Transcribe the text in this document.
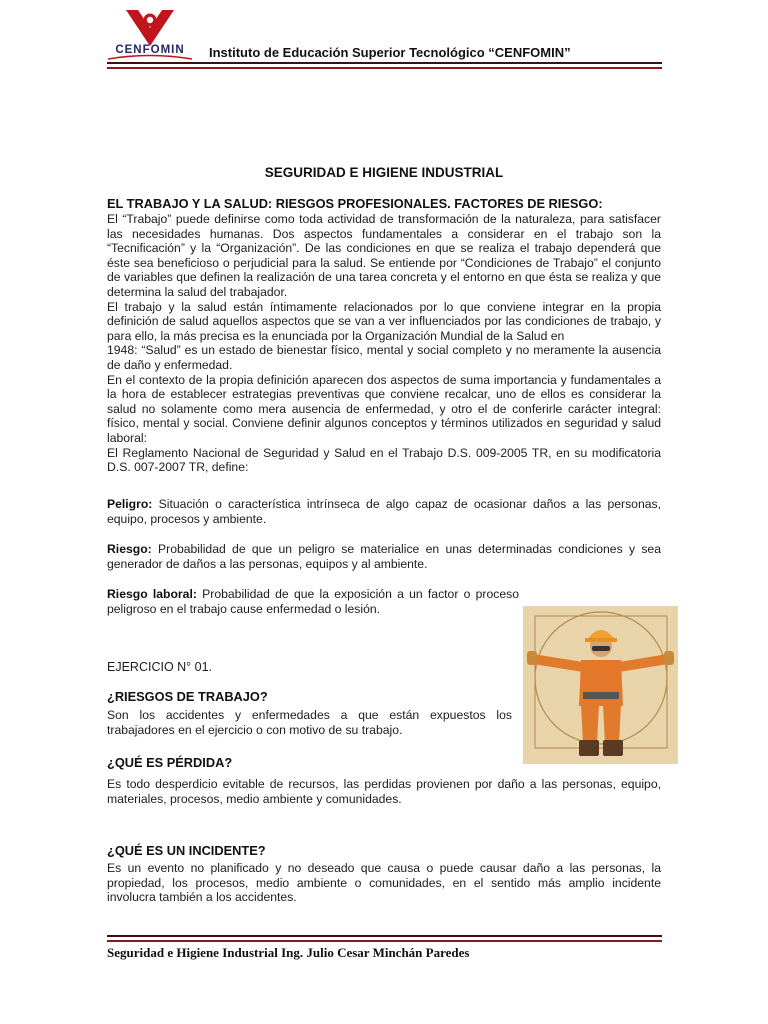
CENFOMIN Instituto de Educación Superior Tecnológico “CENFOMIN”
SEGURIDAD E HIGIENE INDUSTRIAL
EL TRABAJO Y LA SALUD: RIESGOS PROFESIONALES. FACTORES DE RIESGO:

El “Trabajo” puede definirse como toda actividad de transformación de la naturaleza, para satisfacer las necesidades humanas. Dos aspectos fundamentales a considerar en el trabajo son la “Tecnificación” y la “Organización”. De las condiciones en que se realiza el trabajo dependerá que éste sea beneficioso o perjudicial para la salud. Se entiende por “Condiciones de Trabajo” el conjunto de variables que definen la realización de una tarea concreta y el entorno en que ésta se realiza y que determina la salud del trabajador.

El trabajo y la salud están íntimamente relacionados por lo que conviene integrar en la propia definición de salud aquellos aspectos que se van a ver influenciados por las condiciones de trabajo, y para ello, la más precisa es la enunciada por la Organización Mundial de la Salud en

1948: “Salud” es un estado de bienestar físico, mental y social completo y no meramente la ausencia de daño y enfermedad.

En el contexto de la propia definición aparecen dos aspectos de suma importancia y fundamentales a la hora de establecer estrategias preventivas que conviene recalcar, uno de ellos es considerar la salud no solamente como mera ausencia de enfermedad, y otro el de conferirle carácter integral: físico, mental y social. Conviene definir algunos conceptos y términos utilizados en seguridad y salud laboral:

El Reglamento Nacional de Seguridad y Salud en el Trabajo D.S. 009-2005 TR, en su modificatoria D.S. 007-2007 TR, define:

Peligro: Situación o característica intrínseca de algo capaz de ocasionar daños a las personas, equipo, procesos y ambiente.
Riesgo: Probabilidad de que un peligro se materialice en unas determinadas condiciones y sea generador de daños a las personas, equipos y al ambiente.
Riesgo laboral: Probabilidad de que la exposición a un factor o proceso peligroso en el trabajo cause enfermedad o lesión.
EJERCICIO N° 01.
¿RIESGOS DE TRABAJO?
Son los accidentes y enfermedades a que están expuestos los trabajadores en el ejercicio o con motivo de su trabajo.
¿QUÉ ES PÉRDIDA?
Es todo desperdicio evitable de recursos, las perdidas provienen por daño a las personas, equipo, materiales, procesos, medio ambiente y comunidades.
¿QUÉ ES UN INCIDENTE?
Es un evento no planificado y no deseado que causa o puede causar daño a las personas, la propiedad, los procesos, medio ambiente o comunidades, en el sentido más amplio incidente involucra también a los accidentes.
Seguridad e Higiene Industrial Ing. Julio Cesar Minchán Paredes
